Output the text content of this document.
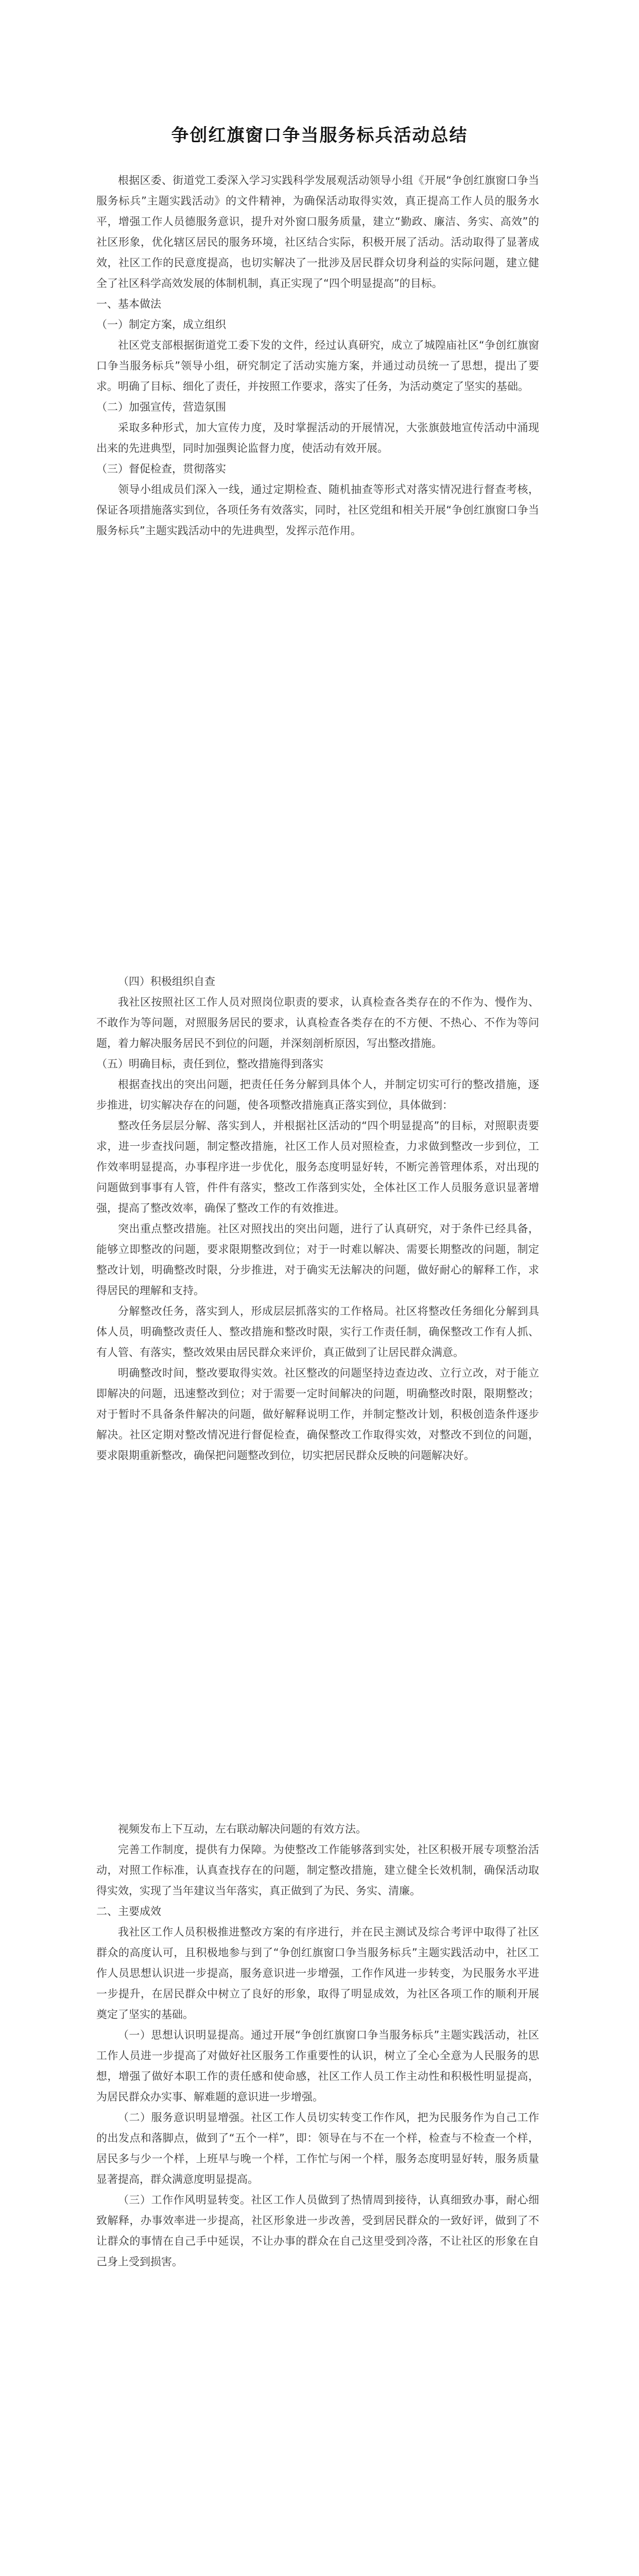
争创红旗窗口争当服务标兵活动总结

根据区委、街道党工委深入学习实践科学发展观活动领导小组《开展“争创红旗窗口争当服务标兵”主题实践活动》的文件精神，为确保活动取得实效，真正提高工作人员的服务水平，增强工作人员德服务意识，提升对外窗口服务质量，建立“勤政、廉洁、务实、高效”的社区形象，优化辖区居民的服务环境，社区结合实际，积极开展了活动。活动取得了显著成效，社区工作的民意度提高，也切实解决了一批涉及居民群众切身利益的实际问题，建立健全了社区科学高效发展的体制机制，真正实现了“四个明显提高”的目标。

一、基本做法

（一）制定方案，成立组织

社区党支部根据街道党工委下发的文件，经过认真研究，成立了城隍庙社区“争创红旗窗口争当服务标兵”领导小组，研究制定了活动实施方案，并通过动员统一了思想，提出了要求。明确了目标、细化了责任，并按照工作要求，落实了任务，为活动奠定了坚实的基础。

（二）加强宣传，营造氛围

采取多种形式，加大宣传力度，及时掌握活动的开展情况，大张旗鼓地宣传活动中涌现出来的先进典型，同时加强舆论监督力度，使活动有效开展。

（三）督促检查，贯彻落实

领导小组成员们深入一线，通过定期检查、随机抽查等形式对落实情况进行督查考核，保证各项措施落实到位，各项任务有效落实，同时，社区党组和相关开展“争创红旗窗口争当服务标兵”主题实践活动中的先进典型，发挥示范作用。

（四）积极组织自查

我社区按照社区工作人员对照岗位职责的要求，认真检查各类存在的不作为、慢作为、不敢作为等问题，对照服务居民的要求，认真检查各类存在的不方便、不热心、不作为等问题，着力解决服务居民不到位的问题，并深刻剖析原因，写出整改措施。

（五）明确目标，责任到位，整改措施得到落实

根据查找出的突出问题，把责任任务分解到具体个人，并制定切实可行的整改措施，逐步推进，切实解决存在的问题，使各项整改措施真正落实到位，具体做到：

整改任务层层分解、落实到人，并根据社区活动的“四个明显提高”的目标，对照职责要求，进一步查找问题，制定整改措施，社区工作人员对照检查，力求做到整改一步到位，工作效率明显提高，办事程序进一步优化，服务态度明显好转，不断完善管理体系，对出现的问题做到事事有人管，件件有落实，整改工作落到实处，全体社区工作人员服务意识显著增强，提高了整改效率，确保了整改工作的有效推进。

突出重点整改措施。社区对照找出的突出问题，进行了认真研究，对于条件已经具备，能够立即整改的问题，要求限期整改到位；对于一时难以解决、需要长期整改的问题，制定整改计划，明确整改时限，分步推进，对于确实无法解决的问题，做好耐心的解释工作，求得居民的理解和支持。

分解整改任务，落实到人，形成层层抓落实的工作格局。社区将整改任务细化分解到具体人员，明确整改责任人、整改措施和整改时限，实行工作责任制，确保整改工作有人抓、有人管、有落实，整改效果由居民群众来评价，真正做到了让居民群众满意。

明确整改时间，整改要取得实效。社区整改的问题坚持边查边改、立行立改，对于能立即解决的问题，迅速整改到位；对于需要一定时间解决的问题，明确整改时限，限期整改；对于暂时不具备条件解决的问题，做好解释说明工作，并制定整改计划，积极创造条件逐步解决。社区定期对整改情况进行督促检查，确保整改工作取得实效，对整改不到位的问题，要求限期重新整改，确保把问题整改到位，切实把居民群众反映的问题解决好。

视频发布上下互动，左右联动解决问题的有效方法。

完善工作制度，提供有力保障。为使整改工作能够落到实处，社区积极开展专项整治活动，对照工作标准，认真查找存在的问题，制定整改措施，建立健全长效机制，确保活动取得实效，实现了当年建议当年落实，真正做到了为民、务实、清廉。

二、主要成效

我社区工作人员积极推进整改方案的有序进行，并在民主测试及综合考评中取得了社区群众的高度认可，且积极地参与到了“争创红旗窗口争当服务标兵”主题实践活动中，社区工作人员思想认识进一步提高，服务意识进一步增强，工作作风进一步转变，为民服务水平进一步提升，在居民群众中树立了良好的形象，取得了明显成效，为社区各项工作的顺利开展奠定了坚实的基础。

（一）思想认识明显提高。通过开展“争创红旗窗口争当服务标兵”主题实践活动，社区工作人员进一步提高了对做好社区服务工作重要性的认识，树立了全心全意为人民服务的思想，增强了做好本职工作的责任感和使命感，社区工作人员工作主动性和积极性明显提高，为居民群众办实事、解难题的意识进一步增强。

（二）服务意识明显增强。社区工作人员切实转变工作作风，把为民服务作为自己工作的出发点和落脚点，做到了“五个一样”，即：领导在与不在一个样，检查与不检查一个样，居民多与少一个样，上班早与晚一个样，工作忙与闲一个样，服务态度明显好转，服务质量显著提高，群众满意度明显提高。

（三）工作作风明显转变。社区工作人员做到了热情周到接待，认真细致办事，耐心细致解释，办事效率进一步提高，社区形象进一步改善，受到居民群众的一致好评，做到了不让群众的事情在自己手中延误，不让办事的群众在自己这里受到冷落，不让社区的形象在自己身上受到损害。
